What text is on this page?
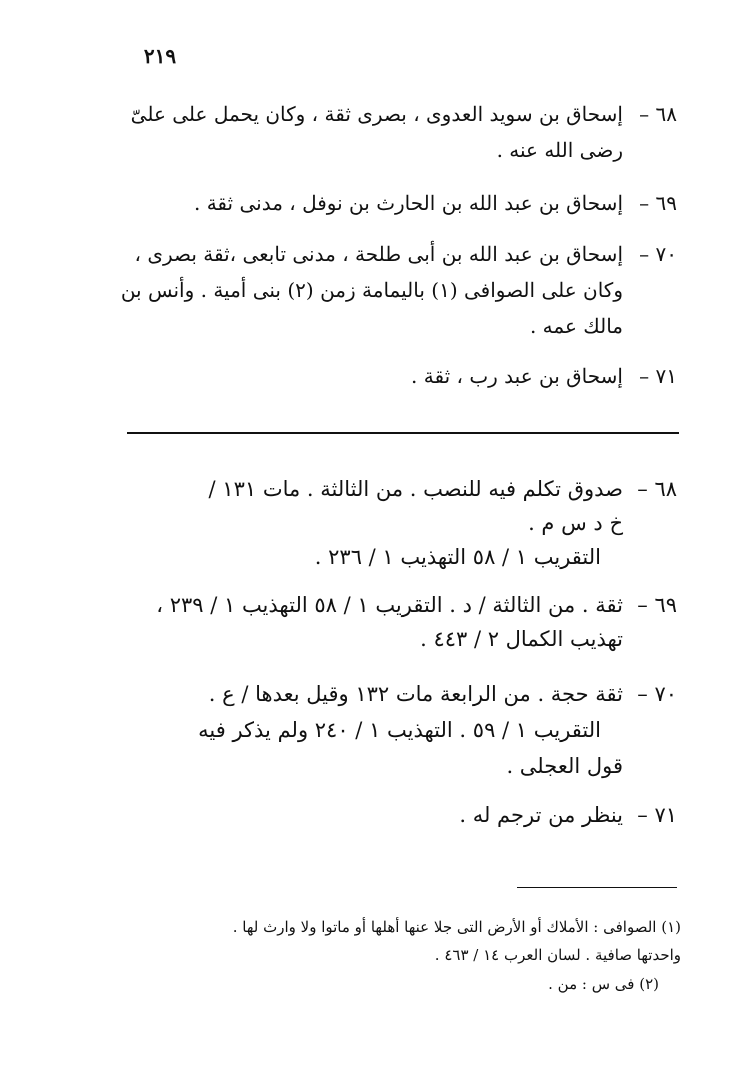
٢١٩
٦٨ –إسحاق بن سويد العدوى ، بصرى ثقة ، وكان يحمل على علىّ
رضى الله عنه .
٦٩ –إسحاق بن عبد الله بن الحارث بن نوفل ، مدنى ثقة .
٧٠ –إسحاق بن عبد الله بن أبى طلحة ، مدنى تابعى ،ثقة بصرى ،
وكان على الصوافى (١) باليمامة زمن (٢) بنى أمية . وأنس بن
مالك عمه .
٧١ –إسحاق بن عبد رب ، ثقة .
٦٨ –صدوق تكلم فيه للنصب . من الثالثة . مات ١٣١ /
خ د س م .
التقريب ١ / ٥٨ التهذيب ١ / ٢٣٦ .
٦٩ –ثقة . من الثالثة / د . التقريب ١ / ٥٨ التهذيب ١ / ٢٣٩ ،
تهذيب الكمال ٢ / ٤٤٣ .
٧٠ –ثقة حجة . من الرابعة مات ١٣٢ وقيل بعدها / ع .
التقريب ١ / ٥٩ . التهذيب ١ / ٢٤٠ ولم يذكر فيه
قول العجلى .
٧١ –ينظر من ترجم له .
(١) الصوافى : الأملاك أو الأرض التى جلا عنها أهلها أو ماتوا ولا وارث لها .
واحدتها صافية . لسان العرب ١٤ / ٤٦٣ .
(٢) فى س : من .
